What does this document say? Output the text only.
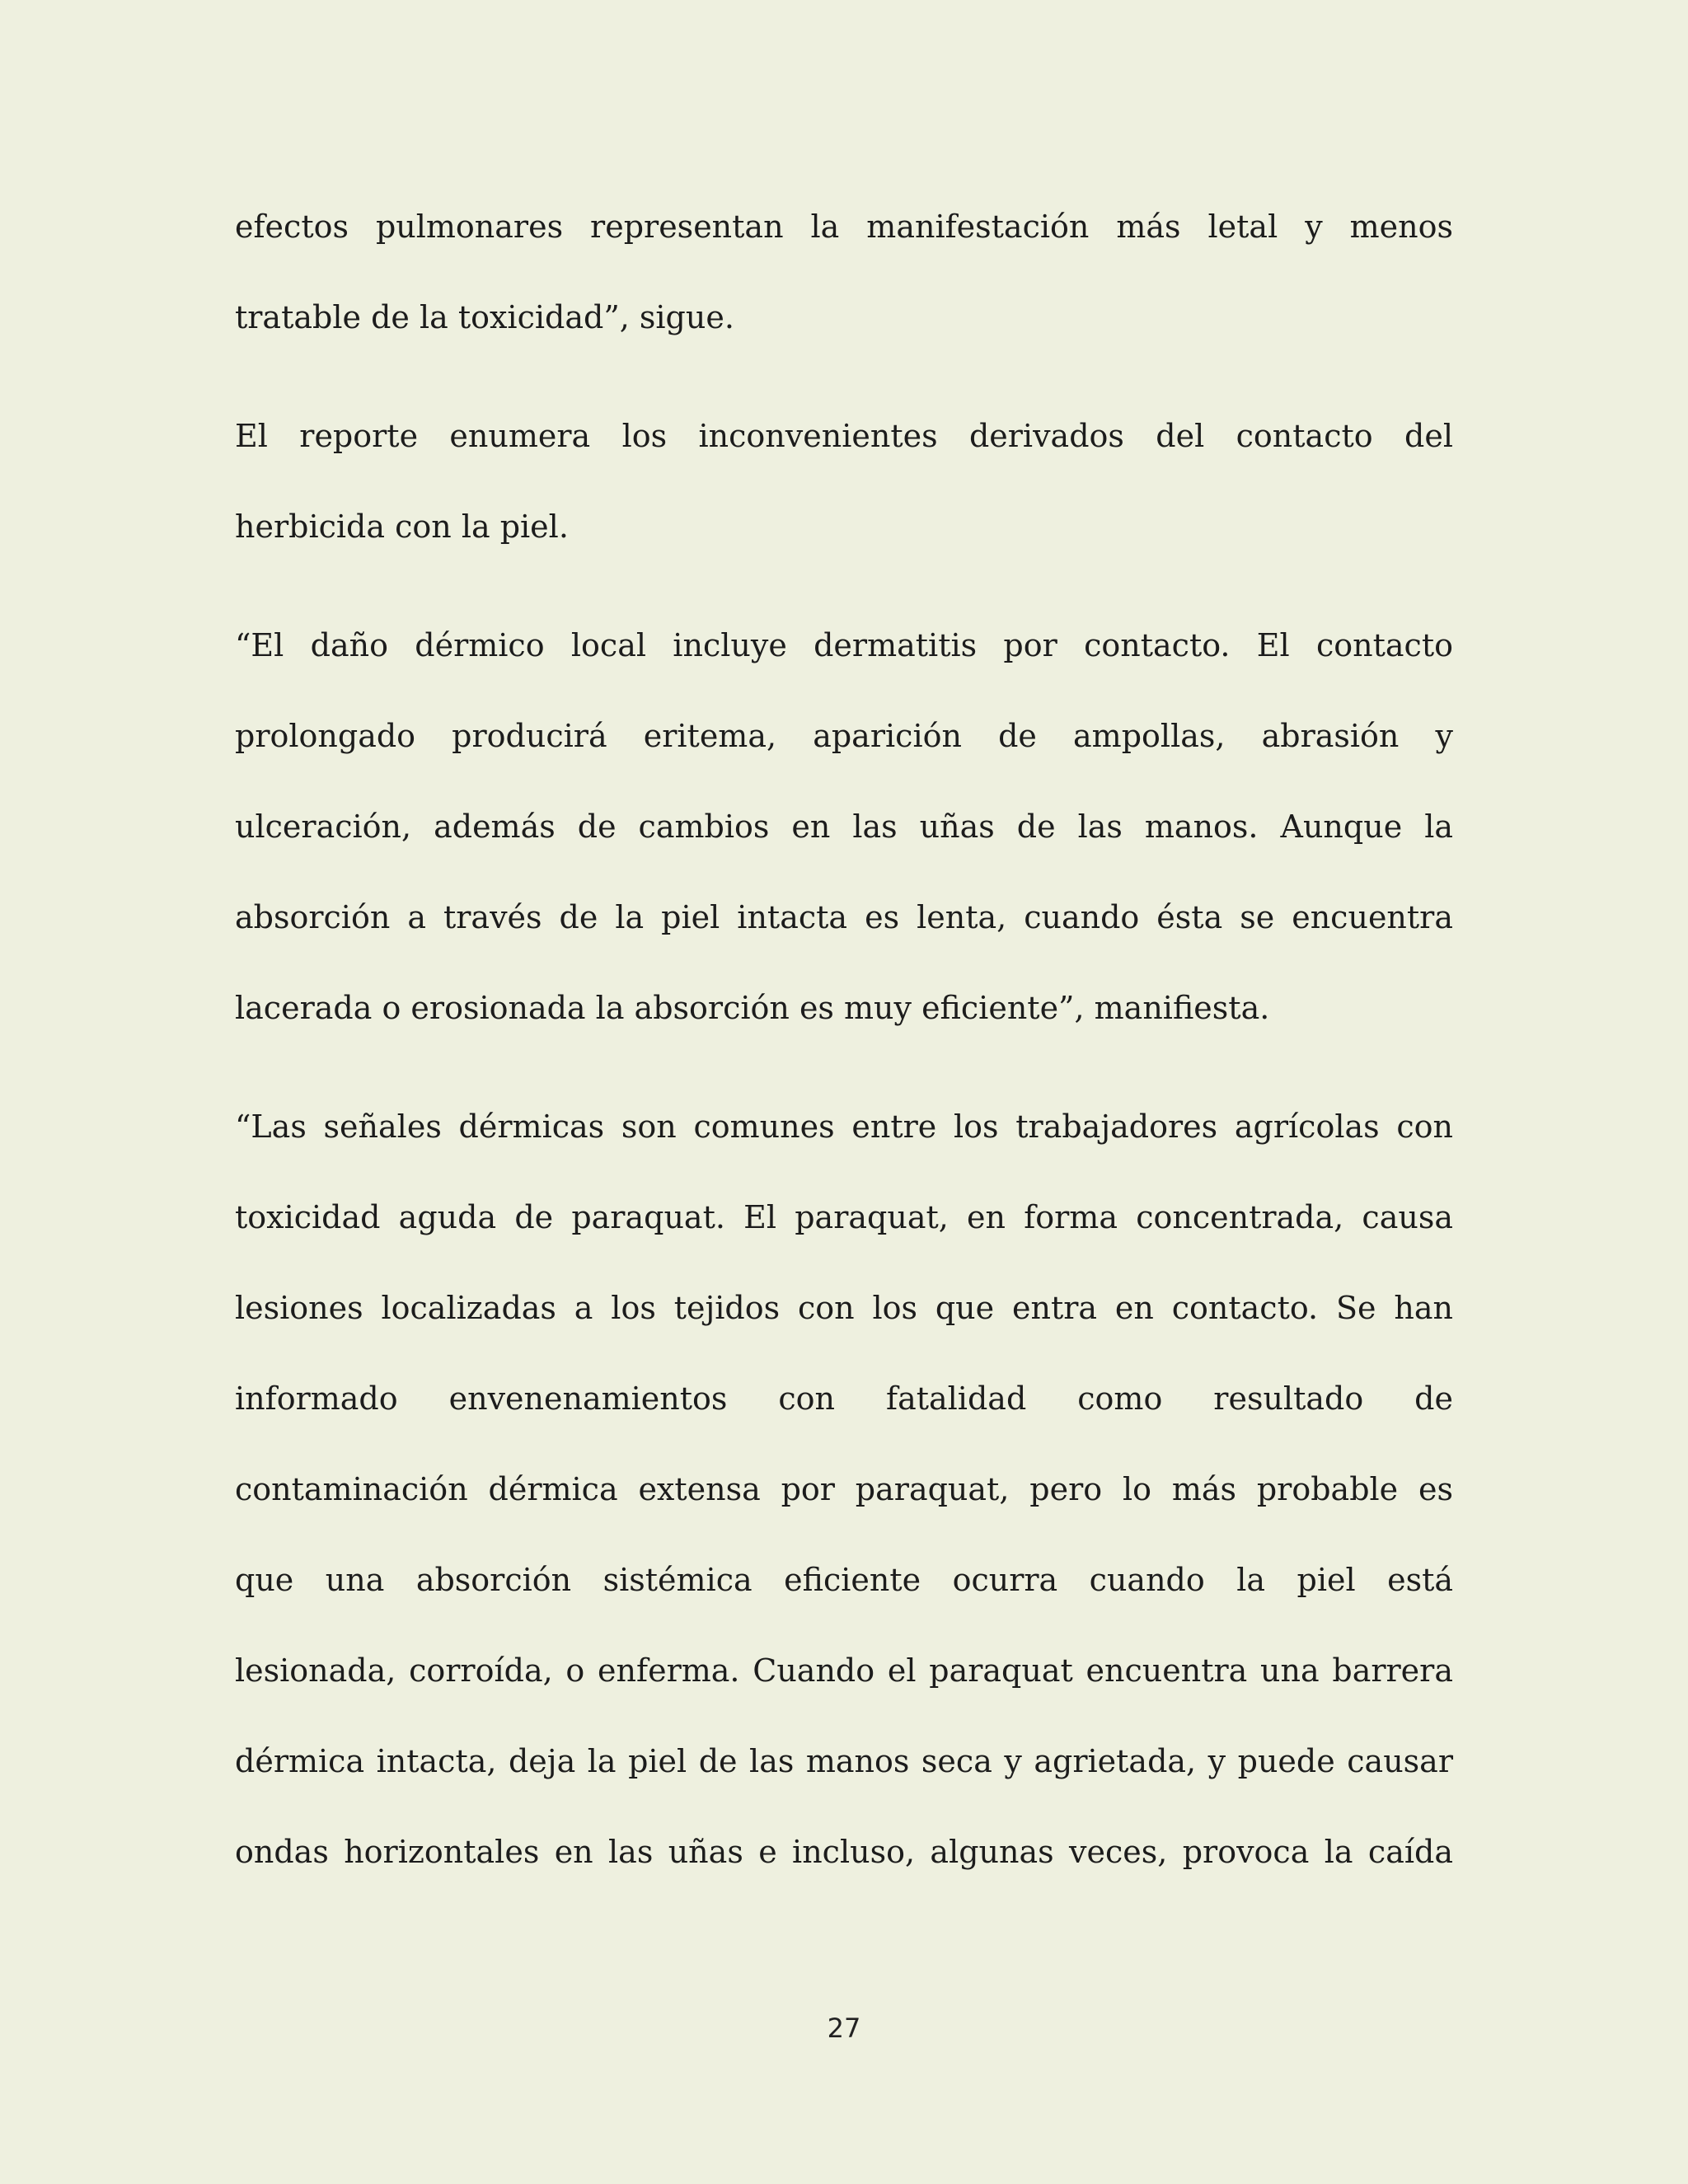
efectos pulmonares representan la manifestación más letal y menos
tratable de la toxicidad”, sigue.

El reporte enumera los inconvenientes derivados del contacto del
herbicida con la piel.

“El daño dérmico local incluye dermatitis por contacto. El contacto
prolongado producirá eritema, aparición de ampollas, abrasión y
ulceración, además de cambios en las uñas de las manos. Aunque la
absorción a través de la piel intacta es lenta, cuando ésta se encuentra
lacerada o erosionada la absorción es muy eficiente”, manifiesta.

“Las señales dérmicas son comunes entre los trabajadores agrícolas con
toxicidad aguda de paraquat. El paraquat, en forma concentrada, causa
lesiones localizadas a los tejidos con los que entra en contacto. Se han
informado envenenamientos con fatalidad como resultado de
contaminación dérmica extensa por paraquat, pero lo más probable es
que una absorción sistémica eficiente ocurra cuando la piel está
lesionada, corroída, o enferma. Cuando el paraquat encuentra una barrera
dérmica intacta, deja la piel de las manos seca y agrietada, y puede causar
ondas horizontales en las uñas e incluso, algunas veces, provoca la caída

27
